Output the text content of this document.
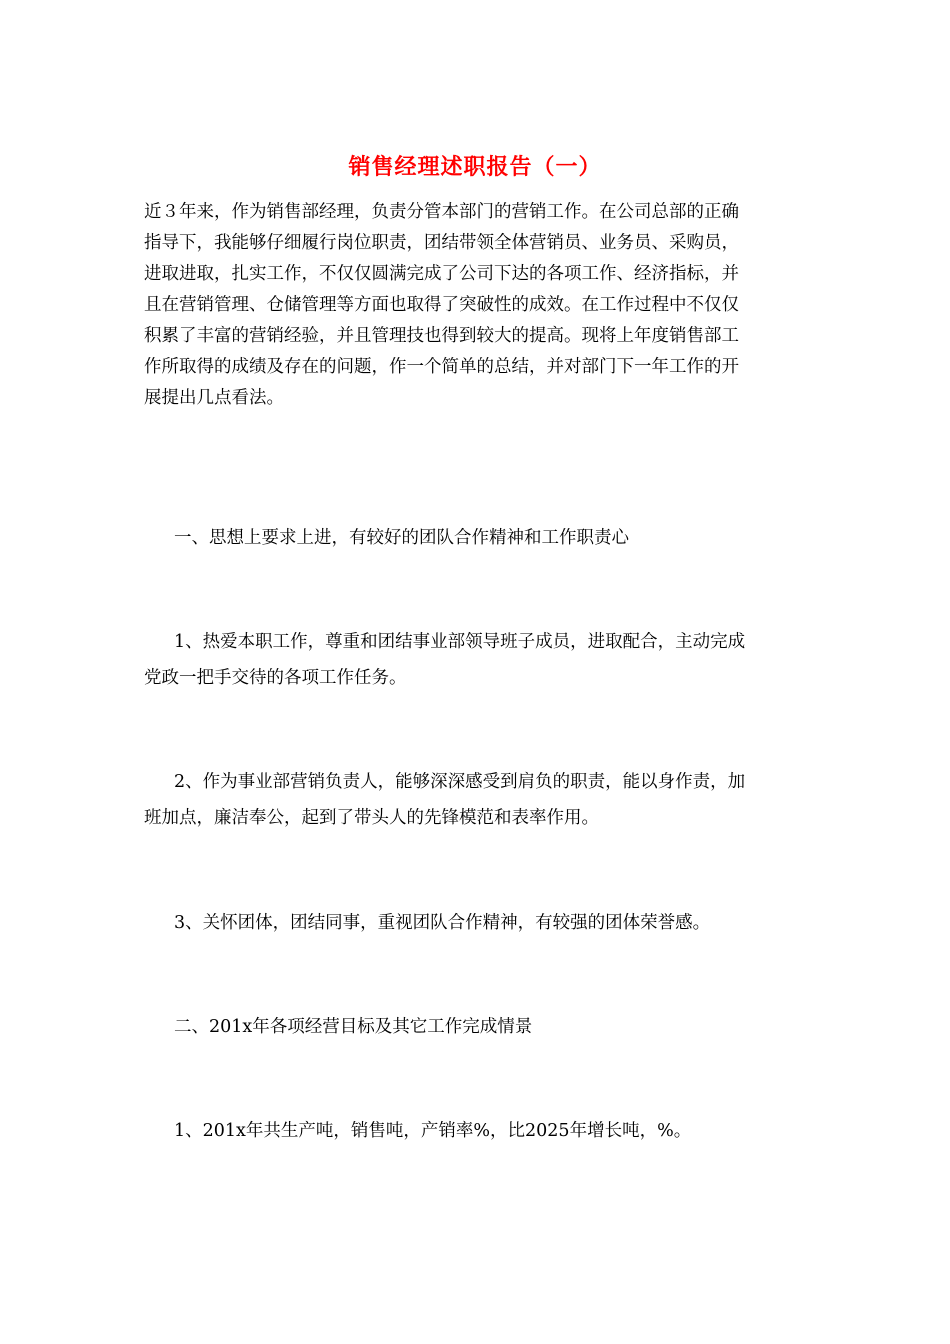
销售经理述职报告（一）
近３年来，作为销售部经理，负责分管本部门的营销工作。在公司总部的正确
指导下，我能够仔细履行岗位职责，团结带领全体营销员、业务员、采购员，
进取进取，扎实工作，不仅仅圆满完成了公司下达的各项工作、经济指标，并
且在营销管理、仓储管理等方面也取得了突破性的成效。在工作过程中不仅仅
积累了丰富的营销经验，并且管理技也得到较大的提高。现将上年度销售部工
作所取得的成绩及存在的问题，作一个简单的总结，并对部门下一年工作的开
展提出几点看法。
一、思想上要求上进，有较好的团队合作精神和工作职责心
1、热爱本职工作，尊重和团结事业部领导班子成员，进取配合，主动完成
党政一把手交待的各项工作任务。
2、作为事业部营销负责人，能够深深感受到肩负的职责，能以身作责，加
班加点，廉洁奉公，起到了带头人的先锋模范和表率作用。
3、关怀团体，团结同事，重视团队合作精神，有较强的团体荣誉感。
二、201x年各项经营目标及其它工作完成情景
1、201x年共生产吨，销售吨，产销率%，比2025年增长吨，%。
